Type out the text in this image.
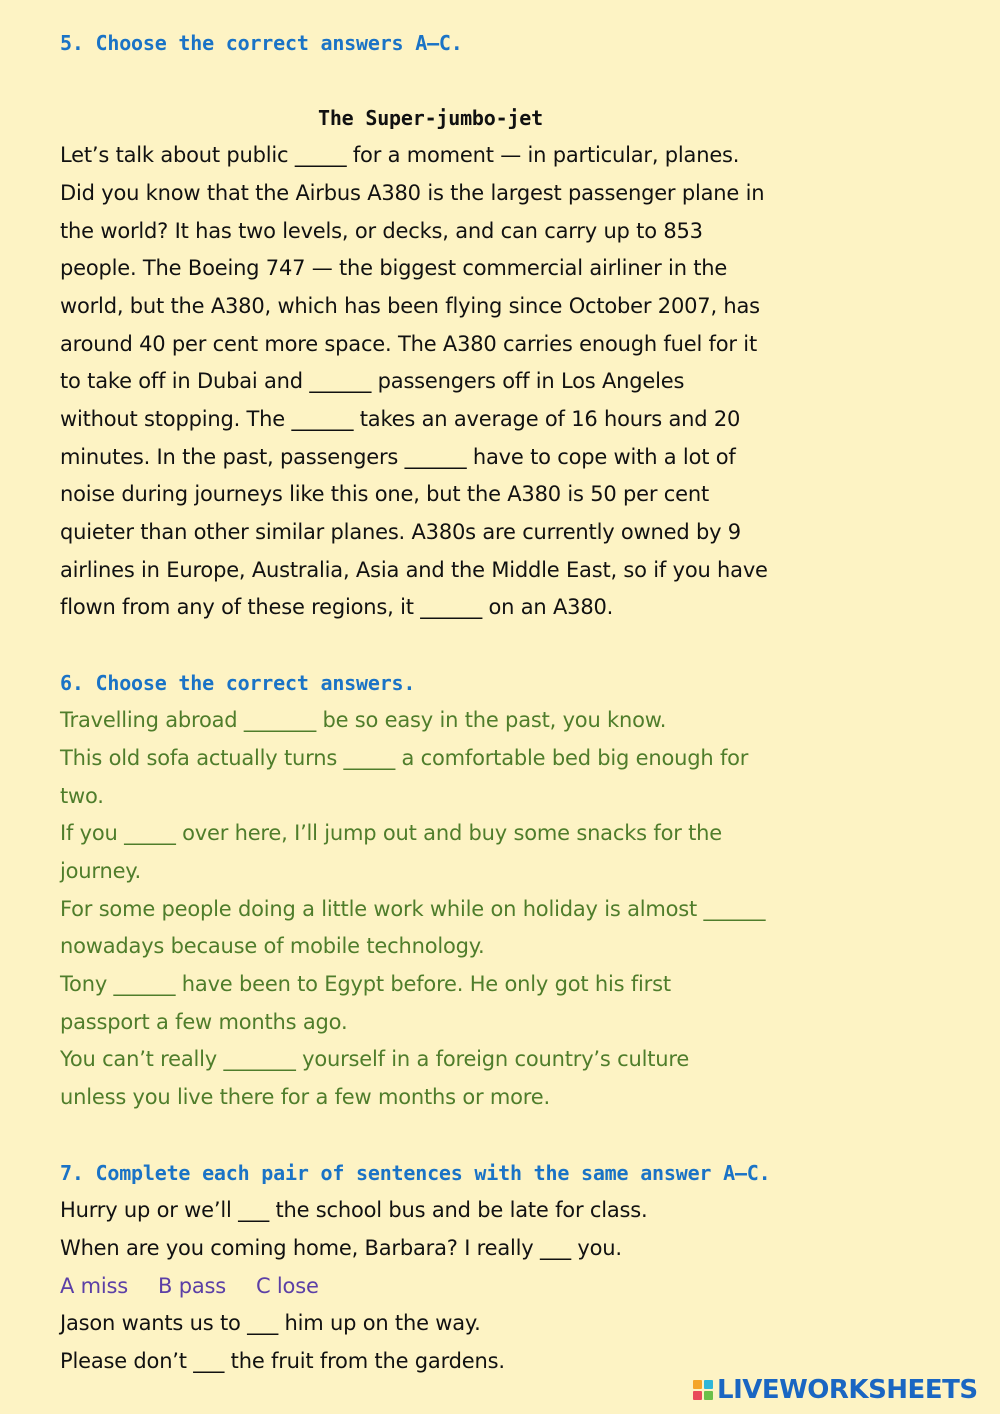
5. Choose the correct answers A–C.
The Super-jumbo-jet
Let’s talk about public _____ for a moment — in particular, planes.
Did you know that the Airbus A380 is the largest passenger plane in
the world? It has two levels, or decks, and can carry up to 853
people. The Boeing 747 — the biggest commercial airliner in the
world, but the A380, which has been flying since October 2007, has
around 40 per cent more space. The A380 carries enough fuel for it
to take off in Dubai and ______ passengers off in Los Angeles
without stopping. The ______ takes an average of 16 hours and 20
minutes. In the past, passengers ______ have to cope with a lot of
noise during journeys like this one, but the A380 is 50 per cent
quieter than other similar planes. A380s are currently owned by 9
airlines in Europe, Australia, Asia and the Middle East, so if you have
flown from any of these regions, it ______ on an A380.
6. Choose the correct answers.
Travelling abroad _______ be so easy in the past, you know.
This old sofa actually turns _____ a comfortable bed big enough for
two.
If you _____ over here, I’ll jump out and buy some snacks for the
journey.
For some people doing a little work while on holiday is almost ______
nowadays because of mobile technology.
Tony ______ have been to Egypt before. He only got his first
passport a few months ago.
You can’t really _______ yourself in a foreign country’s culture
unless you live there for a few months or more.
7. Complete each pair of sentences with the same answer A–C.
Hurry up or we’ll ___ the school bus and be late for class.
When are you coming home, Barbara? I really ___ you.
A miss B pass C lose
Jason wants us to ___ him up on the way.
Please don’t ___ the fruit from the gardens.
LIVEWORKSHEETS
